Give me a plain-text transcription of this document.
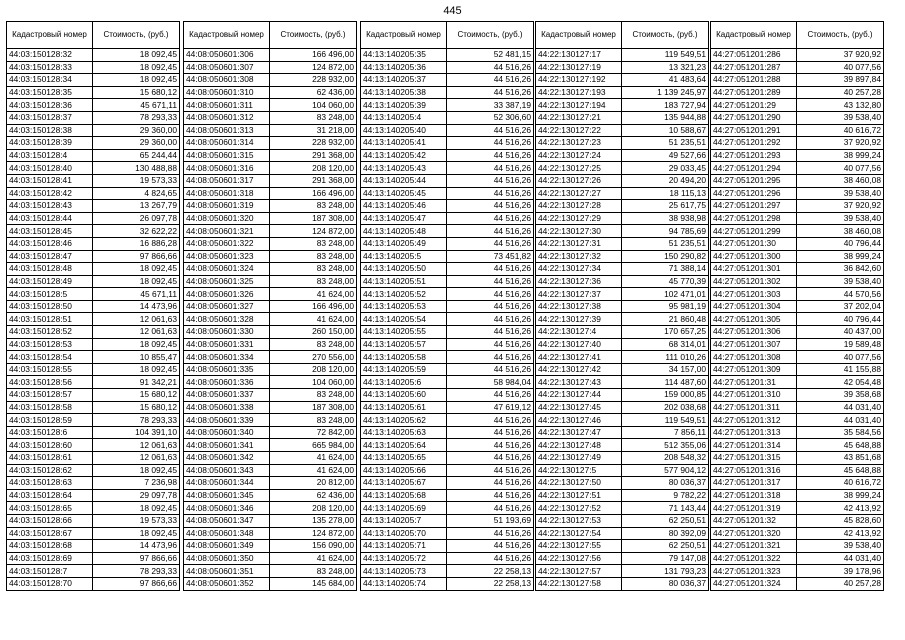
445
Кадастровый номер	Стоимость, (руб.)
44:03:150128:32	18 092,45
44:03:150128:33	18 092,45
44:03:150128:34	18 092,45
44:03:150128:35	15 680,12
44:03:150128:36	45 671,11
44:03:150128:37	78 293,33
44:03:150128:38	29 360,00
44:03:150128:39	29 360,00
44:03:150128:4	65 244,44
44:03:150128:40	130 488,88
44:03:150128:41	19 573,33
44:03:150128:42	4 824,65
44:03:150128:43	13 267,79
44:03:150128:44	26 097,78
44:03:150128:45	32 622,22
44:03:150128:46	16 886,28
44:03:150128:47	97 866,66
44:03:150128:48	18 092,45
44:03:150128:49	18 092,45
44:03:150128:5	45 671,11
44:03:150128:50	14 473,96
44:03:150128:51	12 061,63
44:03:150128:52	12 061,63
44:03:150128:53	18 092,45
44:03:150128:54	10 855,47
44:03:150128:55	18 092,45
44:03:150128:56	91 342,21
44:03:150128:57	15 680,12
44:03:150128:58	15 680,12
44:03:150128:59	78 293,33
44:03:150128:6	104 391,10
44:03:150128:60	12 061,63
44:03:150128:61	12 061,63
44:03:150128:62	18 092,45
44:03:150128:63	7 236,98
44:03:150128:64	29 097,78
44:03:150128:65	18 092,45
44:03:150128:66	19 573,33
44:03:150128:67	18 092,45
44:03:150128:68	14 473,96
44:03:150128:69	97 866,66
44:03:150128:7	78 293,33
44:03:150128:70	97 866,66
Кадастровый номер	Стоимость, (руб.)
44:08:050601:306	166 496,00
44:08:050601:307	124 872,00
44:08:050601:308	228 932,00
44:08:050601:310	62 436,00
44:08:050601:311	104 060,00
44:08:050601:312	83 248,00
44:08:050601:313	31 218,00
44:08:050601:314	228 932,00
44:08:050601:315	291 368,00
44:08:050601:316	208 120,00
44:08:050601:317	291 368,00
44:08:050601:318	166 496,00
44:08:050601:319	83 248,00
44:08:050601:320	187 308,00
44:08:050601:321	124 872,00
44:08:050601:322	83 248,00
44:08:050601:323	83 248,00
44:08:050601:324	83 248,00
44:08:050601:325	83 248,00
44:08:050601:326	41 624,00
44:08:050601:327	166 496,00
44:08:050601:328	41 624,00
44:08:050601:330	260 150,00
44:08:050601:331	83 248,00
44:08:050601:334	270 556,00
44:08:050601:335	208 120,00
44:08:050601:336	104 060,00
44:08:050601:337	83 248,00
44:08:050601:338	187 308,00
44:08:050601:339	83 248,00
44:08:050601:340	72 842,00
44:08:050601:341	665 984,00
44:08:050601:342	41 624,00
44:08:050601:343	41 624,00
44:08:050601:344	20 812,00
44:08:050601:345	62 436,00
44:08:050601:346	208 120,00
44:08:050601:347	135 278,00
44:08:050601:348	124 872,00
44:08:050601:349	156 090,00
44:08:050601:350	41 624,00
44:08:050601:351	83 248,00
44:08:050601:352	145 684,00
Кадастровый номер	Стоимость, (руб.)
44:13:140205:35	52 481,15
44:13:140205:36	44 516,26
44:13:140205:37	44 516,26
44:13:140205:38	44 516,26
44:13:140205:39	33 387,19
44:13:140205:4	52 306,60
44:13:140205:40	44 516,26
44:13:140205:41	44 516,26
44:13:140205:42	44 516,26
44:13:140205:43	44 516,26
44:13:140205:44	44 516,26
44:13:140205:45	44 516,26
44:13:140205:46	44 516,26
44:13:140205:47	44 516,26
44:13:140205:48	44 516,26
44:13:140205:49	44 516,26
44:13:140205:5	73 451,82
44:13:140205:50	44 516,26
44:13:140205:51	44 516,26
44:13:140205:52	44 516,26
44:13:140205:53	44 516,26
44:13:140205:54	44 516,26
44:13:140205:55	44 516,26
44:13:140205:57	44 516,26
44:13:140205:58	44 516,26
44:13:140205:59	44 516,26
44:13:140205:6	58 984,04
44:13:140205:60	44 516,26
44:13:140205:61	47 619,12
44:13:140205:62	44 516,26
44:13:140205:63	44 516,26
44:13:140205:64	44 516,26
44:13:140205:65	44 516,26
44:13:140205:66	44 516,26
44:13:140205:67	44 516,26
44:13:140205:68	44 516,26
44:13:140205:69	44 516,26
44:13:140205:7	51 193,69
44:13:140205:70	44 516,26
44:13:140205:71	44 516,26
44:13:140205:72	44 516,26
44:13:140205:73	22 258,13
44:13:140205:74	22 258,13
Кадастровый номер	Стоимость, (руб.)
44:22:130127:17	119 549,51
44:22:130127:19	13 321,23
44:22:130127:192	41 483,64
44:22:130127:193	1 139 245,97
44:22:130127:194	183 727,94
44:22:130127:21	135 944,88
44:22:130127:22	10 588,67
44:22:130127:23	51 235,51
44:22:130127:24	49 527,66
44:22:130127:25	29 033,45
44:22:130127:26	20 494,20
44:22:130127:27	18 115,13
44:22:130127:28	25 617,75
44:22:130127:29	38 938,98
44:22:130127:30	94 785,69
44:22:130127:31	51 235,51
44:22:130127:32	150 290,82
44:22:130127:34	71 388,14
44:22:130127:36	45 770,39
44:22:130127:37	102 471,01
44:22:130127:38	95 981,19
44:22:130127:39	21 860,48
44:22:130127:4	170 657,25
44:22:130127:40	68 314,01
44:22:130127:41	111 010,26
44:22:130127:42	34 157,00
44:22:130127:43	114 487,60
44:22:130127:44	159 000,85
44:22:130127:45	202 038,68
44:22:130127:46	119 549,51
44:22:130127:47	7 856,11
44:22:130127:48	512 355,06
44:22:130127:49	208 548,32
44:22:130127:5	577 904,12
44:22:130127:50	80 036,37
44:22:130127:51	9 782,22
44:22:130127:52	71 143,44
44:22:130127:53	62 250,51
44:22:130127:54	80 392,09
44:22:130127:55	62 250,51
44:22:130127:56	79 147,08
44:22:130127:57	131 793,23
44:22:130127:58	80 036,37
Кадастровый номер	Стоимость, (руб.)
44:27:051201:286	37 920,92
44:27:051201:287	40 077,56
44:27:051201:288	39 897,84
44:27:051201:289	40 257,28
44:27:051201:29	43 132,80
44:27:051201:290	39 538,40
44:27:051201:291	40 616,72
44:27:051201:292	37 920,92
44:27:051201:293	38 999,24
44:27:051201:294	40 077,56
44:27:051201:295	38 460,08
44:27:051201:296	39 538,40
44:27:051201:297	37 920,92
44:27:051201:298	39 538,40
44:27:051201:299	38 460,08
44:27:051201:30	40 796,44
44:27:051201:300	38 999,24
44:27:051201:301	36 842,60
44:27:051201:302	39 538,40
44:27:051201:303	44 570,56
44:27:051201:304	37 202,04
44:27:051201:305	40 796,44
44:27:051201:306	40 437,00
44:27:051201:307	19 589,48
44:27:051201:308	40 077,56
44:27:051201:309	41 155,88
44:27:051201:31	42 054,48
44:27:051201:310	39 358,68
44:27:051201:311	44 031,40
44:27:051201:312	44 031,40
44:27:051201:313	35 584,56
44:27:051201:314	45 648,88
44:27:051201:315	43 851,68
44:27:051201:316	45 648,88
44:27:051201:317	40 616,72
44:27:051201:318	38 999,24
44:27:051201:319	42 413,92
44:27:051201:32	45 828,60
44:27:051201:320	42 413,92
44:27:051201:321	39 538,40
44:27:051201:322	44 031,40
44:27:051201:323	39 178,96
44:27:051201:324	40 257,28
